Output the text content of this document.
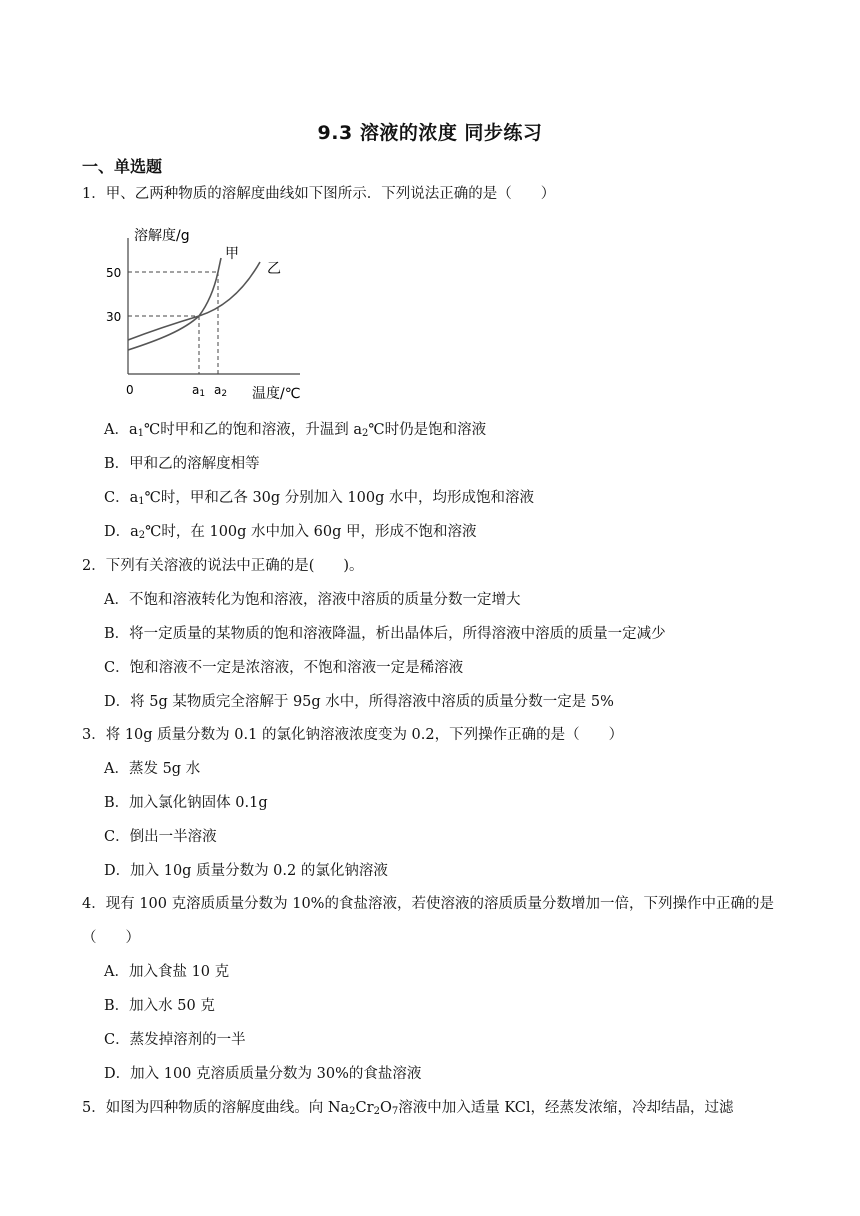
9.3 溶液的浓度 同步练习
一、单选题
1．甲、乙两种物质的溶解度曲线如下图所示．下列说法正确的是（　　）
溶解度/g
甲
乙
50
30
0	a1 a2 温度/℃
A．$a_1℃$时甲和乙的饱和溶液，升温到 $a_2℃$时仍是饱和溶液
B．甲和乙的溶解度相等
C．$a_1℃$时，甲和乙各 30g 分别加入 100g 水中，均形成饱和溶液
D．$a_2℃$时，在 100g 水中加入 60g 甲，形成不饱和溶液
2．下列有关溶液的说法中正确的是(　　)。
A．不饱和溶液转化为饱和溶液，溶液中溶质的质量分数一定增大
B．将一定质量的某物质的饱和溶液降温，析出晶体后，所得溶液中溶质的质量一定减少
C．饱和溶液不一定是浓溶液，不饱和溶液一定是稀溶液
D．将 5g 某物质完全溶解于 95g 水中，所得溶液中溶质的质量分数一定是 5%
3．将 10g 质量分数为 0.1 的氯化钠溶液浓度变为 0.2，下列操作正确的是（　　）
A．蒸发 5g 水
B．加入氯化钠固体 0.1g
C．倒出一半溶液
D．加入 10g 质量分数为 0.2 的氯化钠溶液
4．现有 100 克溶质质量分数为 10%的食盐溶液，若使溶液的溶质质量分数增加一倍，下列操作中正确的是（　　）
A．加入食盐 10 克
B．加入水 50 克
C．蒸发掉溶剂的一半
D．加入 100 克溶质质量分数为 30%的食盐溶液
5．如图为四种物质的溶解度曲线。向 $Na_2Cr_2O_7$溶液中加入适量 KCl，经蒸发浓缩，冷却结晶，过滤
